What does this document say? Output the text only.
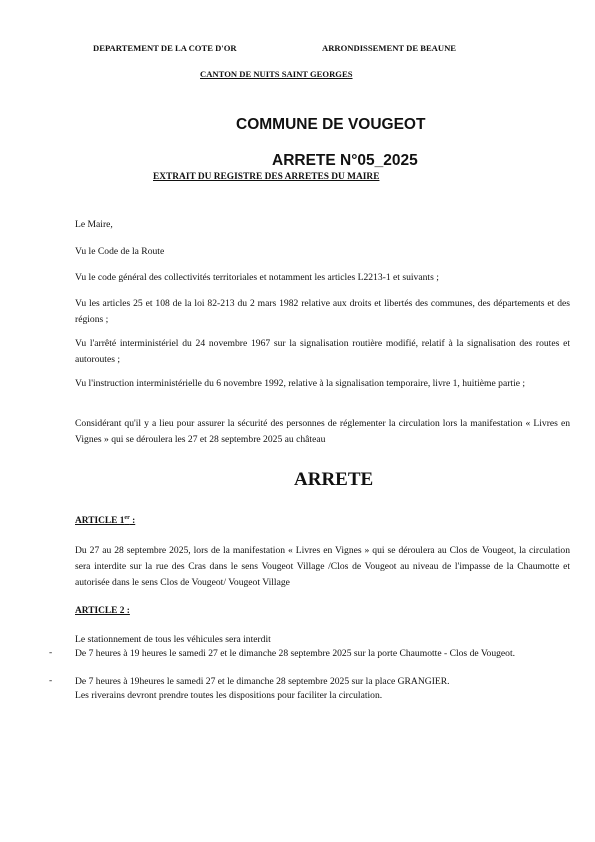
DEPARTEMENT DE LA COTE D'OR	ARRONDISSEMENT DE BEAUNE
CANTON DE NUITS SAINT GEORGES
COMMUNE DE VOUGEOT
ARRETE N°05_2025
EXTRAIT DU REGISTRE DES ARRETES DU MAIRE
Le Maire,
Vu le Code de la Route
Vu le code général des collectivités territoriales et notamment les articles L2213-1 et suivants ;
Vu les articles 25 et 108 de la loi 82-213 du 2 mars 1982 relative aux droits et libertés des communes, des départements et des régions ;
Vu l'arrêté interministériel du 24 novembre 1967 sur la signalisation routière modifié, relatif à la signalisation des routes et autoroutes ;
Vu l'instruction interministérielle du 6 novembre 1992, relative à la signalisation temporaire, livre 1, huitième partie ;
Considérant qu'il y a lieu pour assurer la sécurité des personnes de réglementer la circulation lors la manifestation « Livres en Vignes » qui se déroulera les 27 et 28 septembre 2025 au château
ARRETE
ARTICLE 1er :
Du 27 au 28 septembre 2025, lors de la manifestation « Livres en Vignes » qui se déroulera au Clos de Vougeot, la circulation sera interdite sur la rue des Cras dans le sens Vougeot Village /Clos de Vougeot au niveau de l'impasse de la Chaumotte et autorisée dans le sens Clos de Vougeot/ Vougeot Village
ARTICLE 2 :
Le stationnement de tous les véhicules sera interdit
- De 7 heures à 19 heures le samedi 27 et le dimanche 28 septembre 2025 sur la porte Chaumotte - Clos de Vougeot.
- De 7 heures à 19heures le samedi 27 et le dimanche 28 septembre 2025 sur la place GRANGIER.
Les riverains devront prendre toutes les dispositions pour faciliter la circulation.
